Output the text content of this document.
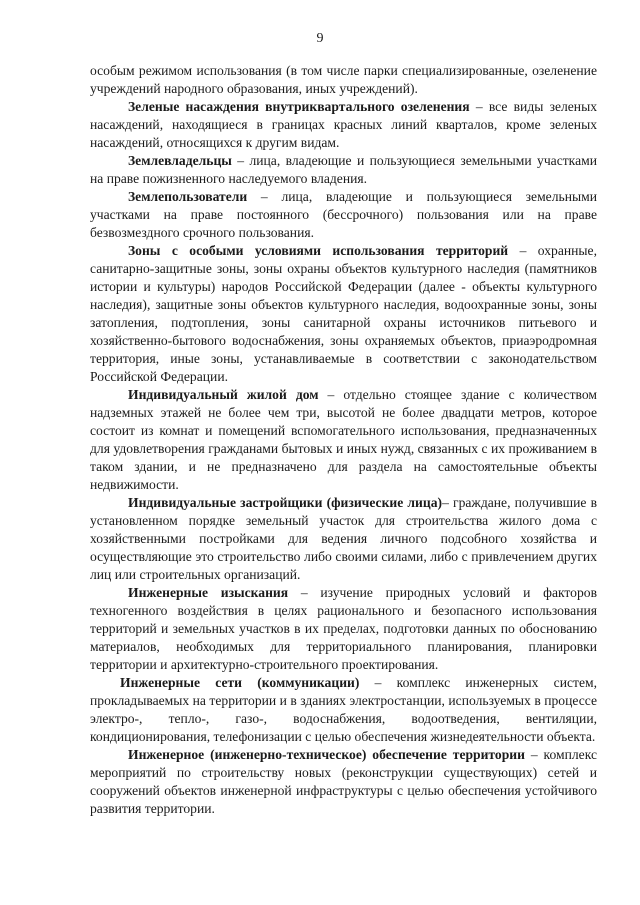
9

особым режимом использования (в том числе парки специализированные, озеленение учреждений народного образования, иных учреждений).

Зеленые насаждения внутриквартального озеленения – все виды зеленых насаждений, находящиеся в границах красных линий кварталов, кроме зеленых насаждений, относящихся к другим видам.

Землевладельцы – лица, владеющие и пользующиеся земельными участками на праве пожизненного наследуемого владения.

Землепользователи – лица, владеющие и пользующиеся земельными участками на праве постоянного (бессрочного) пользования или на праве безвозмездного срочного пользования.

Зоны с особыми условиями использования территорий – охранные, санитарно-защитные зоны, зоны охраны объектов культурного наследия (памятников истории и культуры) народов Российской Федерации (далее - объекты культурного наследия), защитные зоны объектов культурного наследия, водоохранные зоны, зоны затопления, подтопления, зоны санитарной охраны источников питьевого и хозяйственно-бытового водоснабжения, зоны охраняемых объектов, приаэродромная территория, иные зоны, устанавливаемые в соответствии с законодательством Российской Федерации.

Индивидуальный жилой дом – отдельно стоящее здание с количеством надземных этажей не более чем три, высотой не более двадцати метров, которое состоит из комнат и помещений вспомогательного использования, предназначенных для удовлетворения гражданами бытовых и иных нужд, связанных с их проживанием в таком здании, и не предназначено для раздела на самостоятельные объекты недвижимости.

Индивидуальные застройщики (физические лица)– граждане, получившие в установленном порядке земельный участок для строительства жилого дома с хозяйственными постройками для ведения личного подсобного хозяйства и осуществляющие это строительство либо своими силами, либо с привлечением других лиц или строительных организаций.

Инженерные изыскания – изучение природных условий и факторов техногенного воздействия в целях рационального и безопасного использования территорий и земельных участков в их пределах, подготовки данных по обоснованию материалов, необходимых для территориального планирования, планировки территории и архитектурно-строительного проектирования.

Инженерные сети (коммуникации) – комплекс инженерных систем, прокладываемых на территории и в зданиях электростанции, используемых в процессе электро-, тепло-, газо-, водоснабжения, водоотведения, вентиляции, кондиционирования, телефонизации с целью обеспечения жизнедеятельности объекта.

Инженерное (инженерно-техническое) обеспечение территории – комплекс мероприятий по строительству новых (реконструкции существующих) сетей и сооружений объектов инженерной инфраструктуры с целью обеспечения устойчивого развития территории.
